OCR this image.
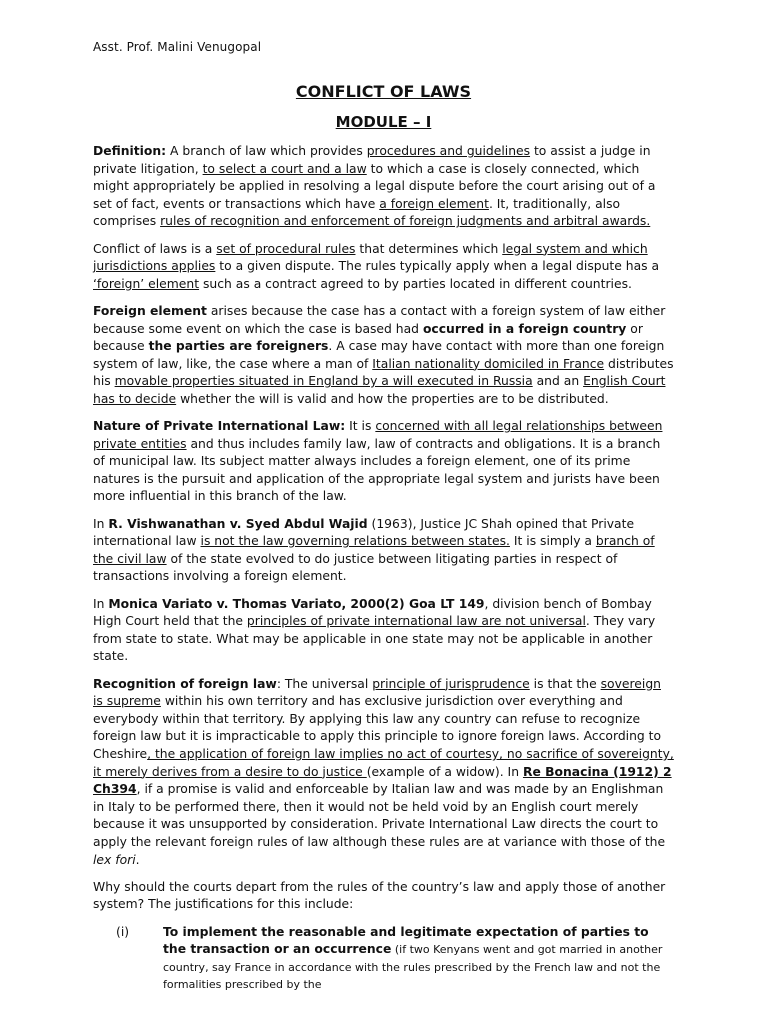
Asst. Prof. Malini Venugopal
CONFLICT OF LAWS
MODULE – I

Definition: A branch of law which provides procedures and guidelines to assist a judge in private litigation, to select a court and a law to which a case is closely connected, which might appropriately be applied in resolving a legal dispute before the court arising out of a set of fact, events or transactions which have a foreign element. It, traditionally, also comprises rules of recognition and enforcement of foreign judgments and arbitral awards.

Conflict of laws is a set of procedural rules that determines which legal system and which jurisdictions applies to a given dispute. The rules typically apply when a legal dispute has a ‘foreign’ element such as a contract agreed to by parties located in different countries.

Foreign element arises because the case has a contact with a foreign system of law either because some event on which the case is based had occurred in a foreign country or because the parties are foreigners. A case may have contact with more than one foreign system of law, like, the case where a man of Italian nationality domiciled in France distributes his movable properties situated in England by a will executed in Russia and an English Court has to decide whether the will is valid and how the properties are to be distributed.

Nature of Private International Law: It is concerned with all legal relationships between private entities and thus includes family law, law of contracts and obligations. It is a branch of municipal law. Its subject matter always includes a foreign element, one of its prime natures is the pursuit and application of the appropriate legal system and jurists have been more influential in this branch of the law.

In R. Vishwanathan v. Syed Abdul Wajid (1963), Justice JC Shah opined that Private international law is not the law governing relations between states. It is simply a branch of the civil law of the state evolved to do justice between litigating parties in respect of transactions involving a foreign element.

In Monica Variato v. Thomas Variato, 2000(2) Goa LT 149, division bench of Bombay High Court held that the principles of private international law are not universal. They vary from state to state. What may be applicable in one state may not be applicable in another state.

Recognition of foreign law: The universal principle of jurisprudence is that the sovereign is supreme within his own territory and has exclusive jurisdiction over everything and everybody within that territory. By applying this law any country can refuse to recognize foreign law but it is impracticable to apply this principle to ignore foreign laws. According to Cheshire, the application of foreign law implies no act of courtesy, no sacrifice of sovereignty, it merely derives from a desire to do justice (example of a widow). In Re Bonacina (1912) 2 Ch394, if a promise is valid and enforceable by Italian law and was made by an Englishman in Italy to be performed there, then it would not be held void by an English court merely because it was unsupported by consideration. Private International Law directs the court to apply the relevant foreign rules of law although these rules are at variance with those of the lex fori.

Why should the courts depart from the rules of the country’s law and apply those of another system? The justifications for this include:

(i)	To implement the reasonable and legitimate expectation of parties to the transaction or an occurrence (if two Kenyans went and got married in another country, say France in accordance with the rules prescribed by the French law and not the formalities prescribed by the
